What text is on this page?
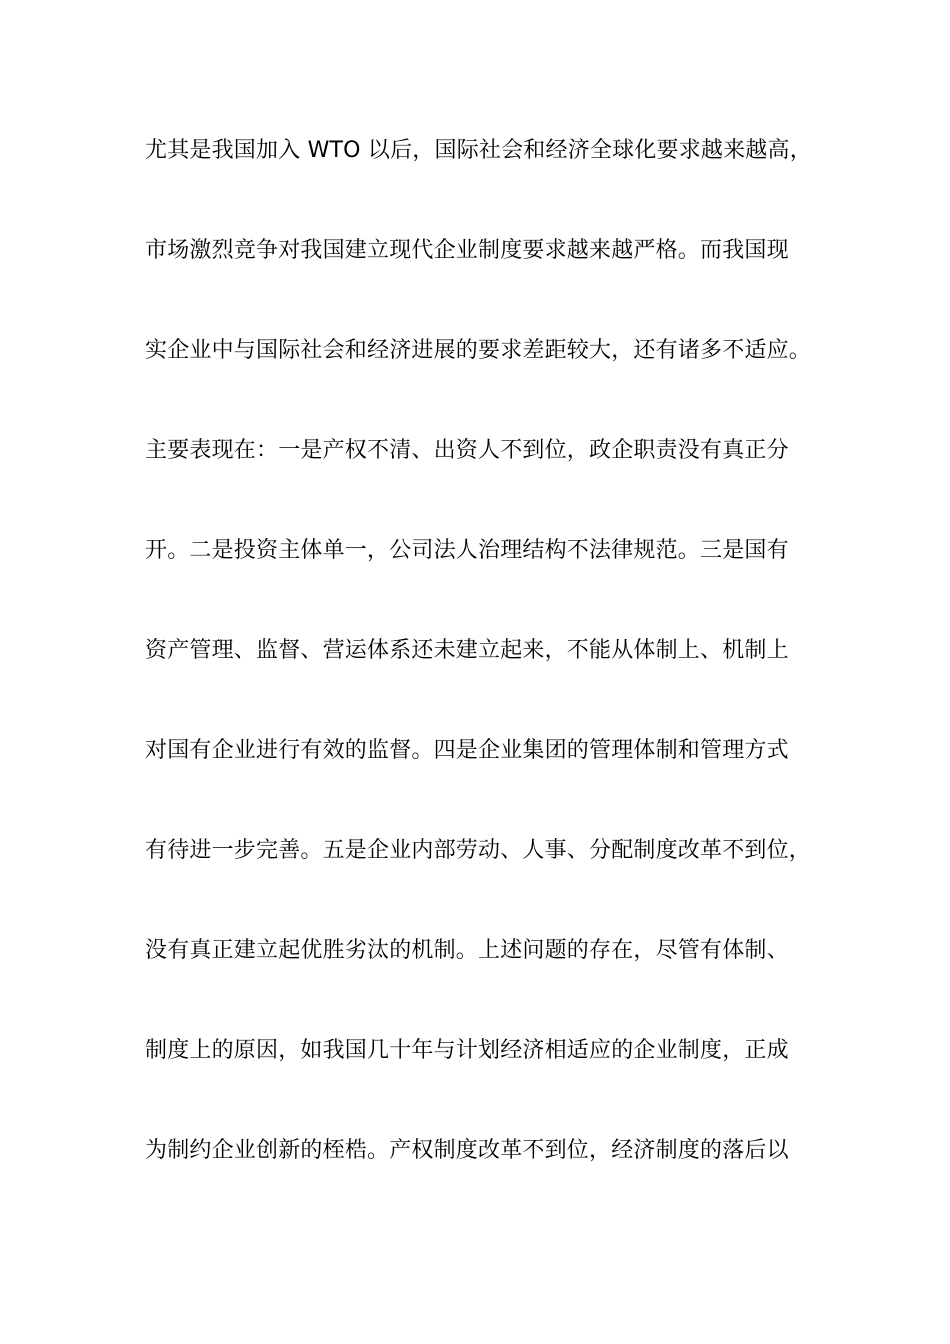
尤其是我国加入 WTO 以后，国际社会和经济全球化要求越来越高，
市场激烈竞争对我国建立现代企业制度要求越来越严格。而我国现
实企业中与国际社会和经济进展的要求差距较大，还有诸多不适应。
主要表现在：一是产权不清、出资人不到位，政企职责没有真正分
开。二是投资主体单一，公司法人治理结构不法律规范。三是国有
资产管理、监督、营运体系还未建立起来，不能从体制上、机制上
对国有企业进行有效的监督。四是企业集团的管理体制和管理方式
有待进一步完善。五是企业内部劳动、人事、分配制度改革不到位，
没有真正建立起优胜劣汰的机制。上述问题的存在，尽管有体制、
制度上的原因，如我国几十年与计划经济相适应的企业制度，正成
为制约企业创新的桎梏。产权制度改革不到位，经济制度的落后以
